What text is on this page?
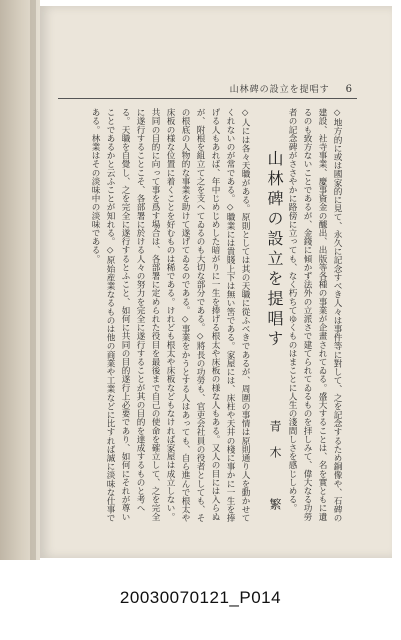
山林碑の設立を提唱す 6
◇地方的に或は國家的に見て、永久に記念すべき人々は事件等に對して、之を記念するため銅像や、石碑の建設、社寺事業、慶事資金の醵出、出版等各種の事業が企畫されてゐる。盛大することは、名を實ともに遺るのも致方ないことであるが、金錢に傾かず法外の立派さで建てられてゐるものを拝しみて、偉大なる功勞者の記念碑がささやかに路傍に立っても、なく朽ちてゆくものはまことに人生の淺間しさを感じしめる。
山林碑の設立を提唱す
青木　繁
◇人には各々天職がある。原則としては其の天職に從ふべきであるが、周圍の事情は原則通り人を動かせてくれないのが常である。◇職業には貴賤上下は無い筈である。家屋には、床柱や天井の棧に事かに一生を捧げる人もあれば、年中じめじめした暗がりに一生を捧げる根太や床板の様な人もある。又人の目には入らぬが、附根を組立て之を支へてゐるのも大切な部分である。◇將長の功勞も、官吏会社員の役者としても、その根底の人物的な事業を助けて遂げてゐるのである。◇事業をかうとする人はあっても、自ら進んで根太や床板の様な位置に着くことを好むものは稀である。けれども根太や床板などもなければ家屋は成立しない。共同の目的に向って事を爲す場合は、各部署に定められた役目を最後まで自己の使命を確立して、之を完全に遂行することこそ、各部署に於ける人々の努力を完全に遂行することが其の目的を達成するものと考へる。天職を自覺し、之を完全に遂行するとふこと、如何に共同の目的遂行上必要であり、如何にそれが尊いことであるかと云ふことが知れる。◇原始産業なるものは他の商業や工業などに比すれば誠に淡味な仕事である。林業はその淡味中の淡味である。
20030070121_P014
